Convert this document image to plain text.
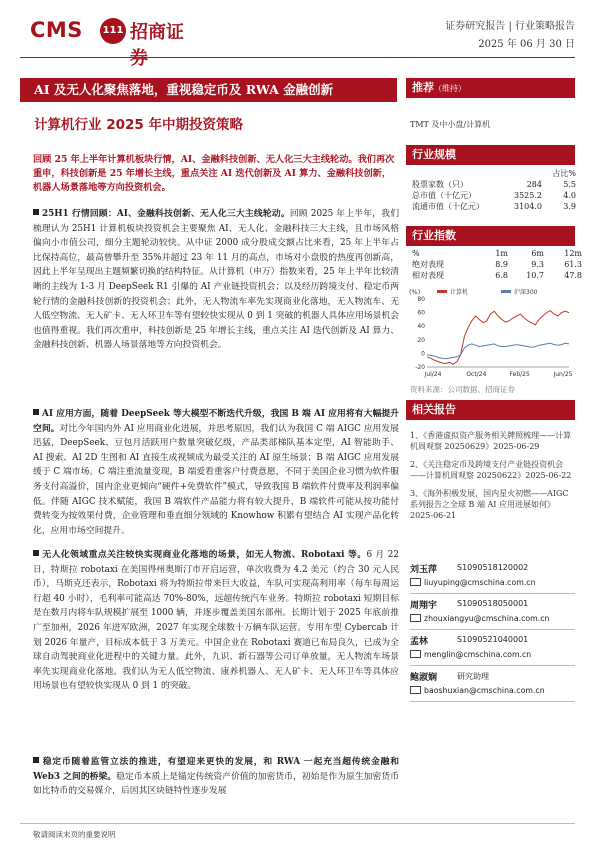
CMS 111 招商证券
证券研究报告 | 行业策略报告
2025 年 06 月 30 日
AI 及无人化聚焦落地，重视稳定币及 RWA 金融创新
计算机行业 2025 年中期投资策略
回顾 25 年上半年计算机板块行情，AI、金融科技创新、无人化三大主线轮动。我们再次重申，科技创新是 25 年增长主线，重点关注 AI 迭代创新及 AI 算力、金融科技创新，机器人场景落地等方向投资机会。
25H1 行情回顾：AI、金融科技创新、无人化三大主线轮动。回顾 2025 年上半年，我们梳理认为 25H1 计算机板块投资机会主要聚焦 AI、无人化、金融科技三大主线，且市场风格偏向小市值公司，细分主题轮动较快。从中证 2000 成分股成交额占比来看，25 年上半年占比保持高位，最高曾攀升至 35%并超过 23 年 11 月的高点，市场对小盘股的热度再创新高，因此上半年呈现出主题频繁切换的结构特征。从计算机（申万）指数来看，25 年上半年比较清晰的主线为 1-3 月 DeepSeek R1 引爆的 AI 产业链投资机会；以及经历跨境支付、稳定币两轮行情的金融科技创新的投资机会；此外，无人物流车率先实现商业化落地，无人物流车、无人低空物流、无人矿卡、无人环卫车等有望较快实现从 0 到 1 突破的机器人具体应用场景机会也值得重视。我们再次重申，科技创新是 25 年增长主线，重点关注 AI 迭代创新及 AI 算力、金融科技创新、机器人场景落地等方向投资机会。
AI 应用方面，随着 DeepSeek 等大模型不断迭代升级，我国 B 端 AI 应用将有大幅提升空间。对比今年国内外 AI 应用商业化进展，并思考原因，我们认为我国 C 端 AIGC 应用发展迅猛，DeepSeek、豆包月活跃用户数量突破亿级，产品类部梯队基本定型，AI 智能助手、AI 搜索、AI 2D 生图和 AI 直接生成视频成为最受关注的 AI 原生场景；B 端 AIGC 应用发展缓于 C 端市场。C 端注重流量变现，B 端爱看重客户付费意愿，不同于美国企业习惯为软件服务支付高溢价，国内企业更倾向“硬件+免费软件”模式，导致我国 B 端软件付费率及利润率偏低。伴随 AIGC 技术赋能，我国 B 端软件产品能力将有较大提升，B 端软件可能从按功能付费转变为按效果付费，企业管理和垂直细分领域的 Knowhow 积累有望结合 AI 实现产品化转化，应用市场空间提升。
无人化领域重点关注较快实现商业化落地的场景，如无人物流、Robotaxi 等。6 月 22 日，特斯拉 robotaxi 在美国得州奥斯汀市开启运营，单次收费为 4.2 美元（约合 30 元人民币），马斯克还表示，Robotaxi 将为特斯拉带来巨大收益，车队可实现高利用率（每车每周运行超 40 小时），毛利率可能高达 70%-80%，远超传统汽车业务。特斯拉 robotaxi 短期目标是在数月内将车队规模扩展至 1000 辆，并逐步覆盖美国东部州。长期计划于 2025 年底前推广至加州，2026 年进军欧洲，2027 年实现全球数十万辆车队运营。专用车型 Cybercab 计划 2026 年量产，目标成本低于 3 万美元。中国企业在 Robotaxi 赛道已布局良久，已成为全球自动驾驶商业化进程中的关键力量。此外，九识、新石器等公司订单放量，无人物流车场景率先实现商业化落地。我们认为无人低空物流、康养机器人、无人矿卡、无人环卫车等具体应用场景也有望较快实现从 0 到 1 的突破。
稳定币随着监管立法的推进，有望迎来更快的发展，和 RWA 一起充当超传统金融和 Web3 之间的桥梁。稳定币本质上是锚定传统资产价值的加密货币，初始是作为原生加密货币如比特币的交易媒介，后因其区块链特性逐步发展
推荐（维持）
TMT 及中小盘/计算机
行业规模
		占比%
股票家数（只）	284	5.5
总市值（十亿元）	3525.2	4.0
流通市值（十亿元）	3104.0	3.9
行业指数
%	1m	6m	12m
绝对表现	8.9	9.3	61.3
相对表现	6.8	10.7	47.8
(%)	计算机	沪深300
80
60
40
20
0
-20
Jul/24	Oct/24	Feb/25	Jun/25
资料来源：公司数据、招商证券
相关报告
1、《香港虚拟资产服务相关牌照梳理——计算机周观察 20250629》2025-06-29
2、《关注稳定币及跨境支付产业链投资机会——计算机周观察 20250622》2025-06-22
3、《海外积极发展，国内星火初燃——AIGC 系列报告之全球 B 端 AI 应用进展如何》2025-06-21
刘玉萍 S1090518120002
liuyuping@cmschina.com.cn
周翔宇 S1090518050001
zhouxiangyu@cmschina.com.cn
孟林	S1090521040001
menglin@cmschina.com.cn
鲍淑娴 研究助理
baoshuxian@cmschina.com.cn
敬请阅读末页的重要说明
